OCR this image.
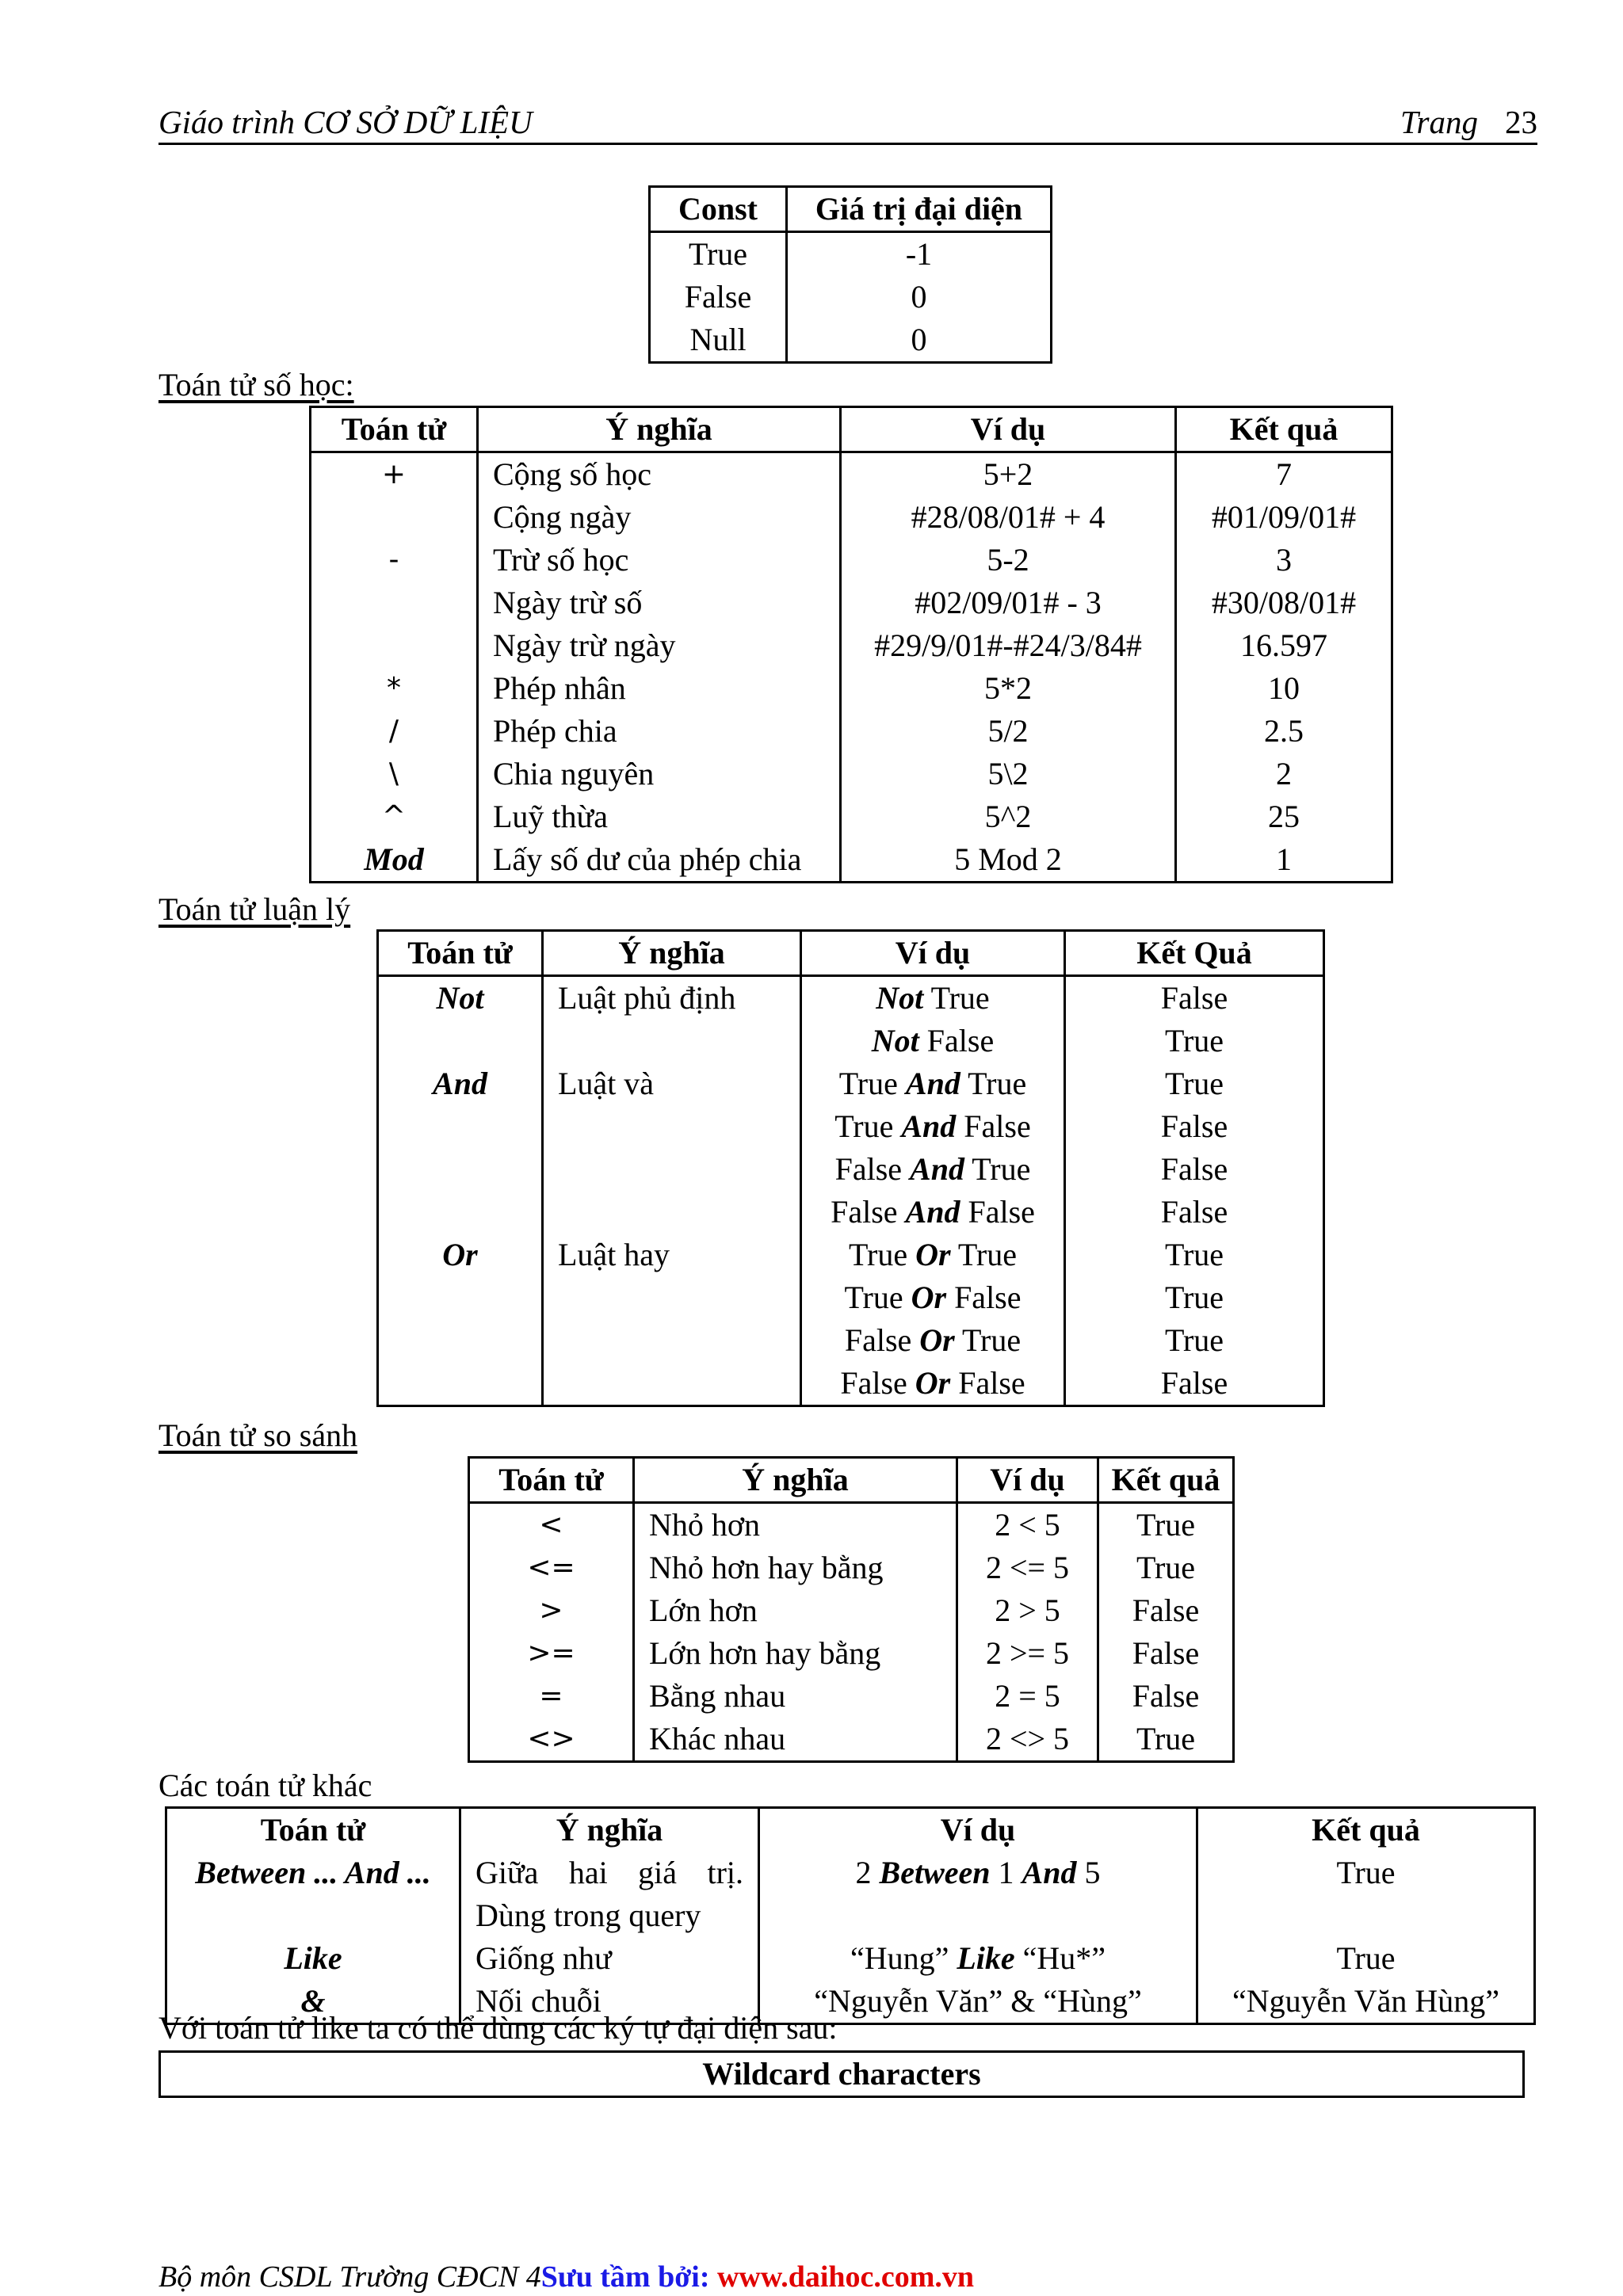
Giáo trình CƠ SỞ DỮ LIỆU	Trang 23
Const	Giá trị đại diện
True	-1
False	0
Null	0
Toán tử số học:
Toán tử	Ý nghĩa	Ví dụ	Kết quả
+	Cộng số học	5+2	7
	Cộng ngày	#28/08/01# + 4	#01/09/01#
-	Trừ số học	5-2	3
	Ngày trừ số	#02/09/01# - 3	#30/08/01#
	Ngày trừ ngày	#29/9/01#-#24/3/84#	16.597
*	Phép nhân	5*2	10
/	Phép chia	5/2	2.5
\	Chia nguyên	5\2	2
^	Luỹ thừa	5^2	25
Mod	Lấy số dư của phép chia	5 Mod 2	1
Toán tử luận lý
Toán tử	Ý nghĩa	Ví dụ	Kết Quả
Not	Luật phủ định	Not True	False
		Not False	True
And	Luật và	True And True	True
		True And False	False
		False And True	False
		False And False	False
Or	Luật hay	True Or True	True
		True Or False	True
		False Or True	True
		False Or False	False
Toán tử so sánh
Toán tử	Ý nghĩa	Ví dụ	Kết quả
<	Nhỏ hơn	2 < 5	True
<=	Nhỏ hơn hay bằng	2 <= 5	True
>	Lớn hơn	2 > 5	False
>=	Lớn hơn hay bằng	2 >= 5	False
=	Bằng nhau	2 = 5	False
<>	Khác nhau	2 <> 5	True
Các toán tử khác
Toán tử	Ý nghĩa	Ví dụ	Kết quả
Between ... And ...	Giữa hai giá trị.	2 Between 1 And 5	True
	Dùng trong query		
Like	Giống như	“Hung” Like “Hu*”	True
&	Nối chuỗi	“Nguyễn Văn” & “Hùng”	“Nguyễn Văn Hùng”
Với toán tử like ta có thể dùng các ký tự đại diện sau:
Wildcard characters
Bộ môn CSDL Trường CĐCN 4Sưu tầm bởi: www.daihoc.com.vn
